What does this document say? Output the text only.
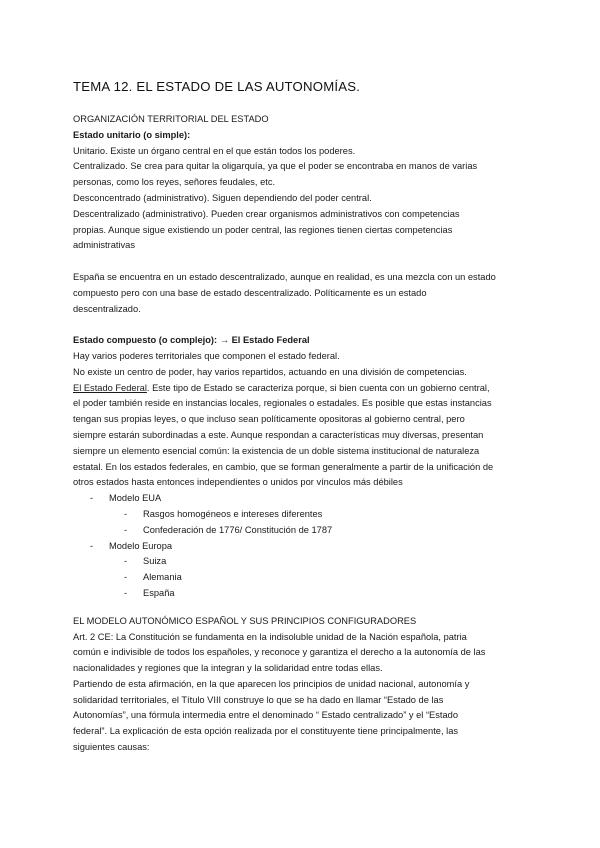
TEMA 12. EL ESTADO DE LAS AUTONOMÍAS.

ORGANIZACIÓN TERRITORIAL DEL ESTADO

Estado unitario (o simple):

Unitario. Existe un órgano central en el que están todos los poderes.

Centralizado. Se crea para quitar la oligarquía, ya que el poder se encontraba en manos de varias

personas, como los reyes, señores feudales, etc.

Desconcentrado (administrativo). Siguen dependiendo del poder central.

Descentralizado (administrativo). Pueden crear organismos administrativos con competencias

propias. Aunque sigue existiendo un poder central, las regiones tienen ciertas competencias

administrativas

España se encuentra en un estado descentralizado, aunque en realidad, es una mezcla con un estado

compuesto pero con una base de estado descentralizado. Políticamente es un estado

descentralizado.

Estado compuesto (o complejo): → El Estado Federal

Hay varios poderes territoriales que componen el estado federal.

No existe un centro de poder, hay varios repartidos, actuando en una división de competencias.

El Estado Federal. Este tipo de Estado se caracteriza porque, si bien cuenta con un gobierno central,

el poder también reside en instancias locales, regionales o estadales. Es posible que estas instancias

tengan sus propias leyes, o que incluso sean políticamente opositoras al gobierno central, pero

siempre estarán subordinadas a este. Aunque respondan a características muy diversas, presentan

siempre un elemento esencial común: la existencia de un doble sistema institucional de naturaleza

estatal. En los estados federales, en cambio, que se forman generalmente a partir de la unificación de

otros estados hasta entonces independientes o unidos por vínculos más débiles

- Modelo EUA
- Rasgos homogéneos e intereses diferentes
- Confederación de 1776/ Constitución de 1787
- Modelo Europa
- Suiza
- Alemania
- España

EL MODELO AUTONÓMICO ESPAÑOL Y SUS PRINCIPIOS CONFIGURADORES

Art. 2 CE: La Constitución se fundamenta en la indisoluble unidad de la Nación española, patria

común e indivisible de todos los españoles, y reconoce y garantiza el derecho a la autonomía de las

nacionalidades y regiones que la integran y la solidaridad entre todas ellas.

Partiendo de esta afirmación, en la que aparecen los principios de unidad nacional, autonomía y

solidaridad territoriales, el Título VIII construye lo que se ha dado en llamar “Estado de las

Autonomías”, una fórmula intermedia entre el denominado “ Estado centralizado” y el “Estado

federal”. La explicación de esta opción realizada por el constituyente tiene principalmente, las

siguientes causas:
